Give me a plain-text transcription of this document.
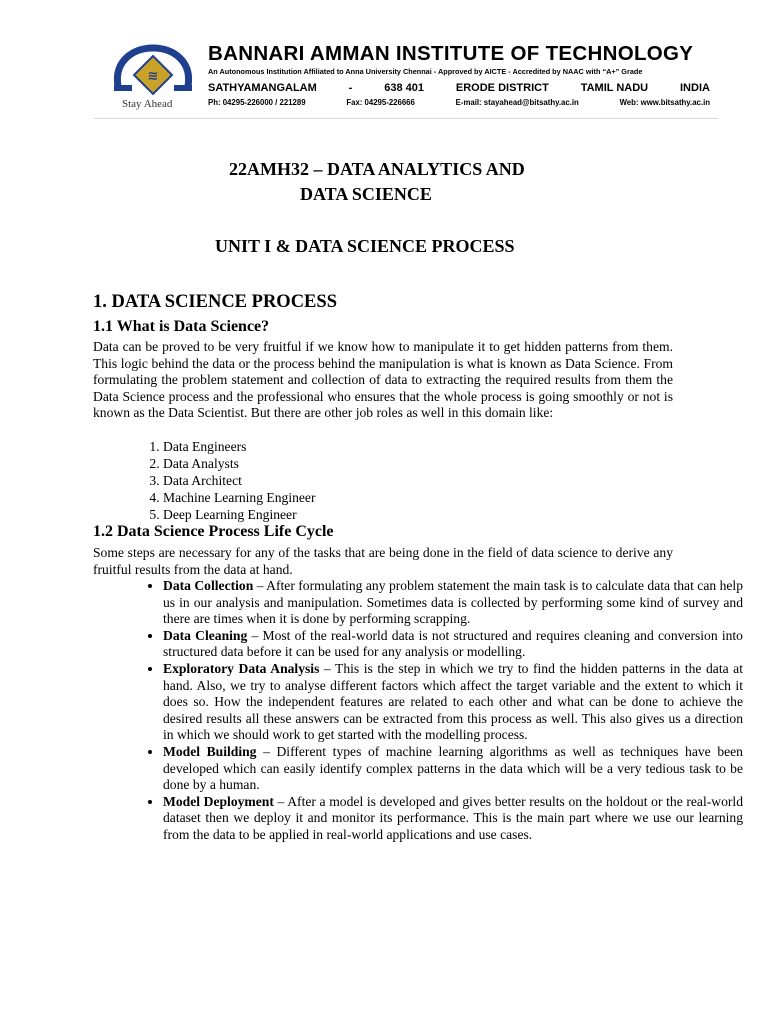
≋
Stay Ahead
BANNARI AMMAN INSTITUTE OF TECHNOLOGY
An Autonomous Institution Affiliated to Anna University Chennai - Approved by AICTE - Accredited by NAAC with “A+” Grade
SATHYAMANGALAM	-	638 401	ERODE DISTRICT	TAMIL NADU	INDIA
Ph: 04295-226000 / 221289	Fax: 04295-226666	E-mail: stayahead@bitsathy.ac.in	Web: www.bitsathy.ac.in
22AMH32 – DATA ANALYTICS AND
DATA SCIENCE
UNIT I & DATA SCIENCE PROCESS
1. DATA SCIENCE PROCESS
1.1 What is Data Science?

Data can be proved to be very fruitful if we know how to manipulate it to get hidden patterns from them. This logic behind the data or the process behind the manipulation is what is known as Data Science. From formulating the problem statement and collection of data to extracting the required results from them the Data Science process and the professional who ensures that the whole process is going smoothly or not is known as the Data Scientist. But there are other job roles as well in this domain like:

1. Data Engineers
2. Data Analysts
3. Data Architect
4. Machine Learning Engineer
5. Deep Learning Engineer
1.2 Data Science Process Life Cycle

Some steps are necessary for any of the tasks that are being done in the field of data science to derive any fruitful results from the data at hand.

• Data Collection – After formulating any problem statement the main task is to calculate data that can help us in our analysis and manipulation. Sometimes data is collected by performing some kind of survey and there are times when it is done by performing scrapping.
• Data Cleaning – Most of the real-world data is not structured and requires cleaning and conversion into structured data before it can be used for any analysis or modelling.
• Exploratory Data Analysis – This is the step in which we try to find the hidden patterns in the data at hand. Also, we try to analyse different factors which affect the target variable and the extent to which it does so. How the independent features are related to each other and what can be done to achieve the desired results all these answers can be extracted from this process as well. This also gives us a direction in which we should work to get started with the modelling process.
• Model Building – Different types of machine learning algorithms as well as techniques have been developed which can easily identify complex patterns in the data which will be a very tedious task to be done by a human.
• Model Deployment – After a model is developed and gives better results on the holdout or the real-world dataset then we deploy it and monitor its performance. This is the main part where we use our learning from the data to be applied in real-world applications and use cases.
